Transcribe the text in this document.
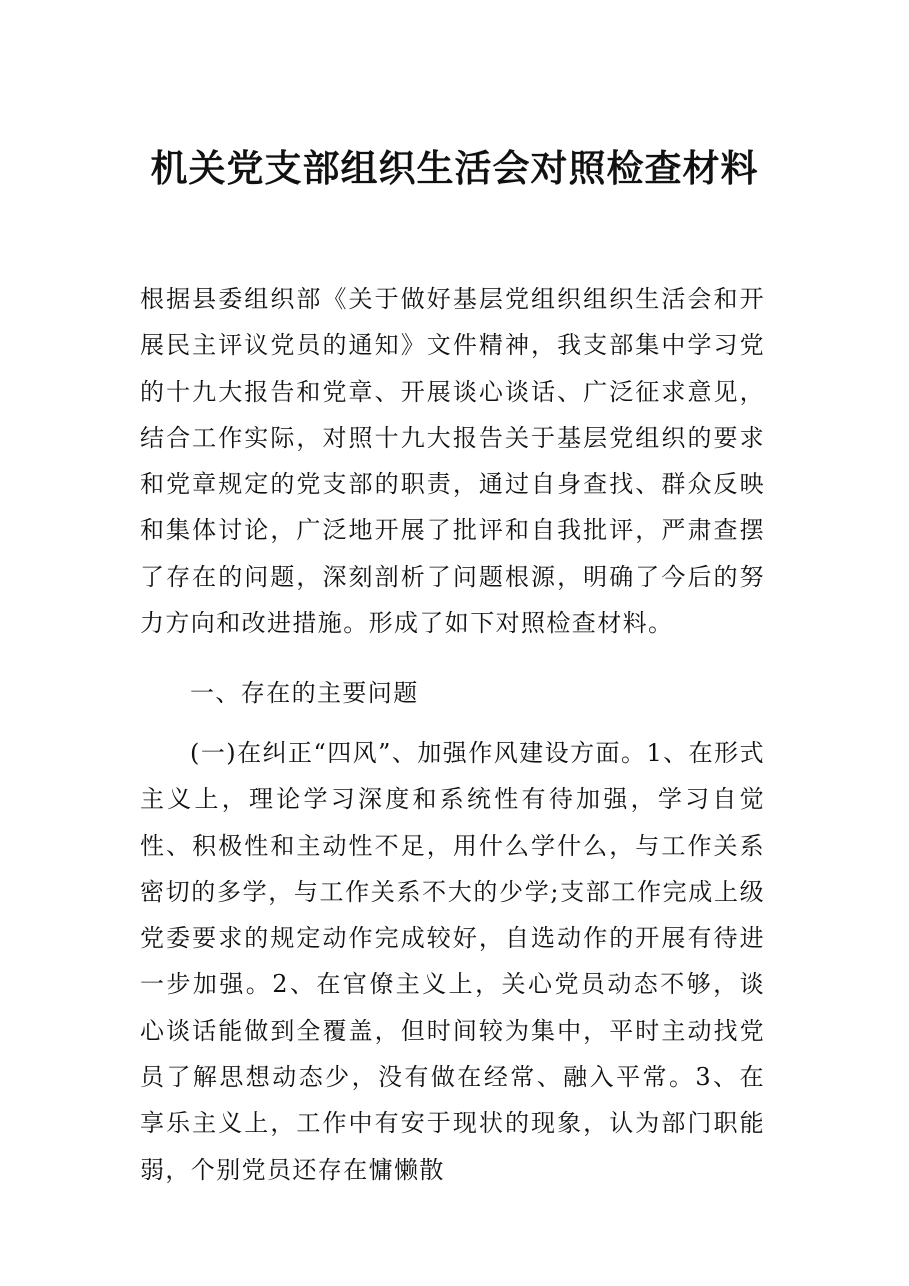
机关党支部组织生活会对照检查材料

根据县委组织部《关于做好基层党组织组织生活会和开展民主评议党员的通知》文件精神，我支部集中学习党的十九大报告和党章、开展谈心谈话、广泛征求意见，结合工作实际，对照十九大报告关于基层党组织的要求和党章规定的党支部的职责，通过自身查找、群众反映和集体讨论，广泛地开展了批评和自我批评，严肃查摆了存在的问题，深刻剖析了问题根源，明确了今后的努力方向和改进措施。形成了如下对照检查材料。

一、存在的主要问题

(一)在纠正“四风”、加强作风建设方面。1、在形式主义上，理论学习深度和系统性有待加强，学习自觉性、积极性和主动性不足，用什么学什么，与工作关系密切的多学，与工作关系不大的少学;支部工作完成上级党委要求的规定动作完成较好，自选动作的开展有待进一步加强。2、在官僚主义上，关心党员动态不够，谈心谈话能做到全覆盖，但时间较为集中，平时主动找党员了解思想动态少，没有做在经常、融入平常。3、在享乐主义上，工作中有安于现状的现象，认为部门职能弱，个别党员还存在慵懒散
